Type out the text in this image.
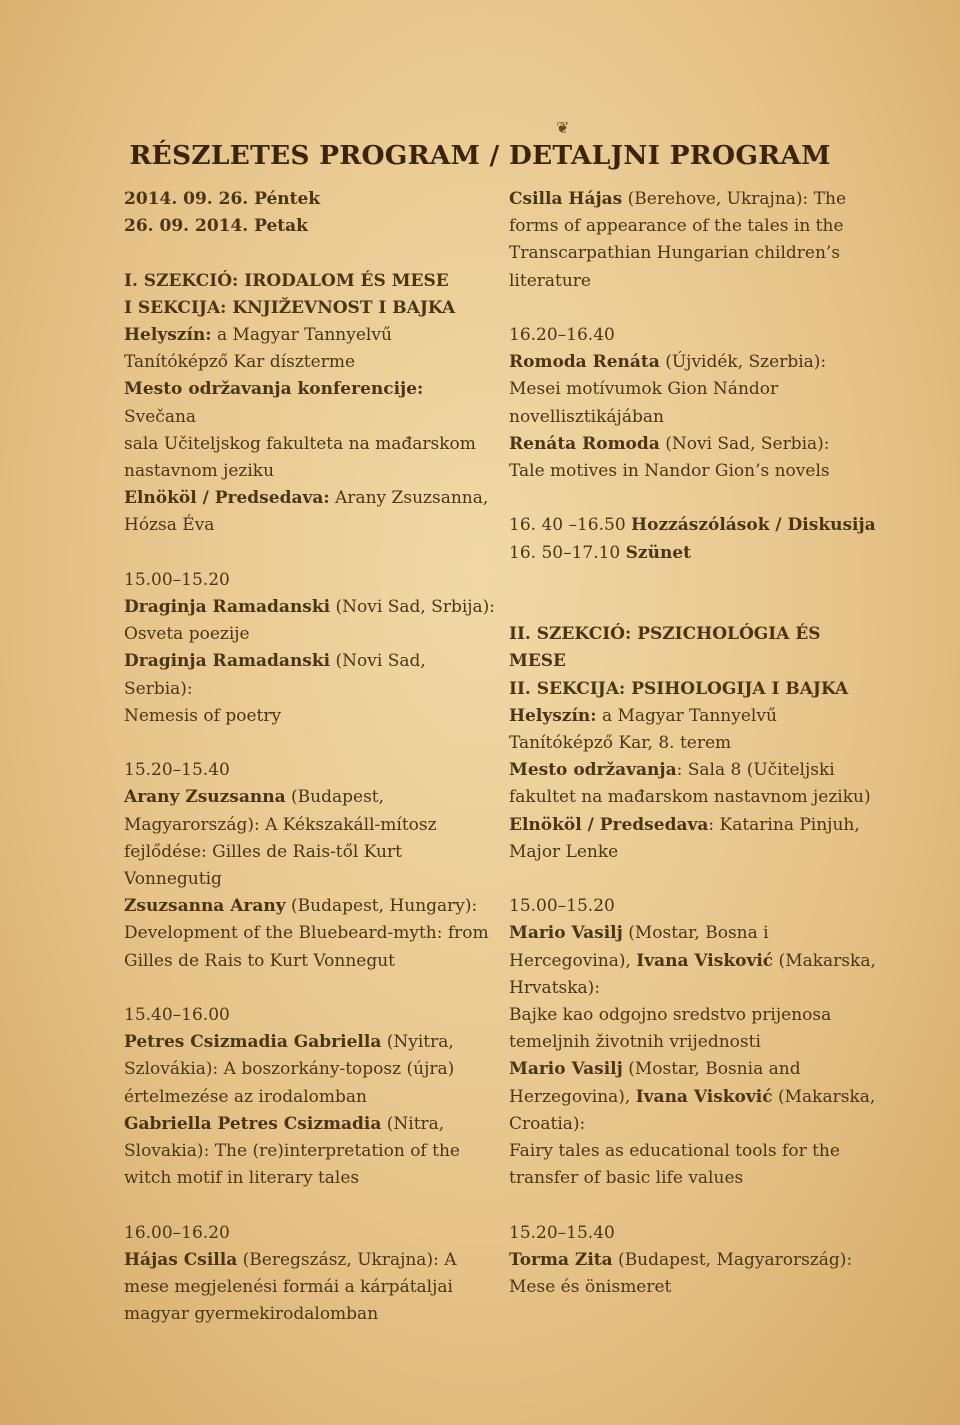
❦
RÉSZLETES PROGRAM / DETALJNI PROGRAM

2014. 09. 26. Péntek

26. 09. 2014. Petak

I. SZEKCIÓ: IRODALOM ÉS MESE

I SEKCIJA: KNJIŽEVNOST I BAJKA

Helyszín: a Magyar Tannyelvű

Tanítóképző Kar díszterme

Mesto održavanja konferencije: Svečana

sala Učiteljskog fakulteta na mađarskom

nastavnom jeziku

Elnököl / Predsedava: Arany Zsuzsanna,

Hózsa Éva

15.00–15.20

Draginja Ramadanski (Novi Sad, Srbija):

Osveta poezije

Draginja Ramadanski (Novi Sad, Serbia):

Nemesis of poetry

15.20–15.40

Arany Zsuzsanna (Budapest,

Magyarország): A Kékszakáll-mítosz

fejlődése: Gilles de Rais-től Kurt

Vonnegutig

Zsuzsanna Arany (Budapest, Hungary):

Development of the Bluebeard-myth: from

Gilles de Rais to Kurt Vonnegut

15.40–16.00

Petres Csizmadia Gabriella (Nyitra,

Szlovákia): A boszorkány-toposz (újra)

értelmezése az irodalomban

Gabriella Petres Csizmadia (Nitra,

Slovakia): The (re)interpretation of the

witch motif in literary tales

16.00–16.20

Hájas Csilla (Beregszász, Ukrajna): A

mese megjelenési formái a kárpátaljai

magyar gyermekirodalomban

Csilla Hájas (Berehove, Ukrajna): The

forms of appearance of the tales in the

Transcarpathian Hungarian children’s

literature

16.20–16.40

Romoda Renáta (Újvidék, Szerbia):

Mesei motívumok Gion Nándor

novellisztikájában

Renáta Romoda (Novi Sad, Serbia):

Tale motives in Nandor Gion’s novels

16. 40 –16.50 Hozzászólások / Diskusija

16. 50–17.10 Szünet

II. SZEKCIÓ: PSZICHOLÓGIA ÉS

MESE

II. SEKCIJA: PSIHOLOGIJA I BAJKA

Helyszín: a Magyar Tannyelvű

Tanítóképző Kar, 8. terem

Mesto održavanja: Sala 8 (Učiteljski

fakultet na mađarskom nastavnom jeziku)

Elnököl / Predsedava: Katarina Pinjuh,

Major Lenke

15.00–15.20

Mario Vasilj (Mostar, Bosna i

Hercegovina), Ivana Visković (Makarska,

Hrvatska):

Bajke kao odgojno sredstvo prijenosa

temeljnih životnih vrijednosti

Mario Vasilj (Mostar, Bosnia and

Herzegovina), Ivana Visković (Makarska,

Croatia):

Fairy tales as educational tools for the

transfer of basic life values

15.20–15.40

Torma Zita (Budapest, Magyarország):

Mese és önismeret
